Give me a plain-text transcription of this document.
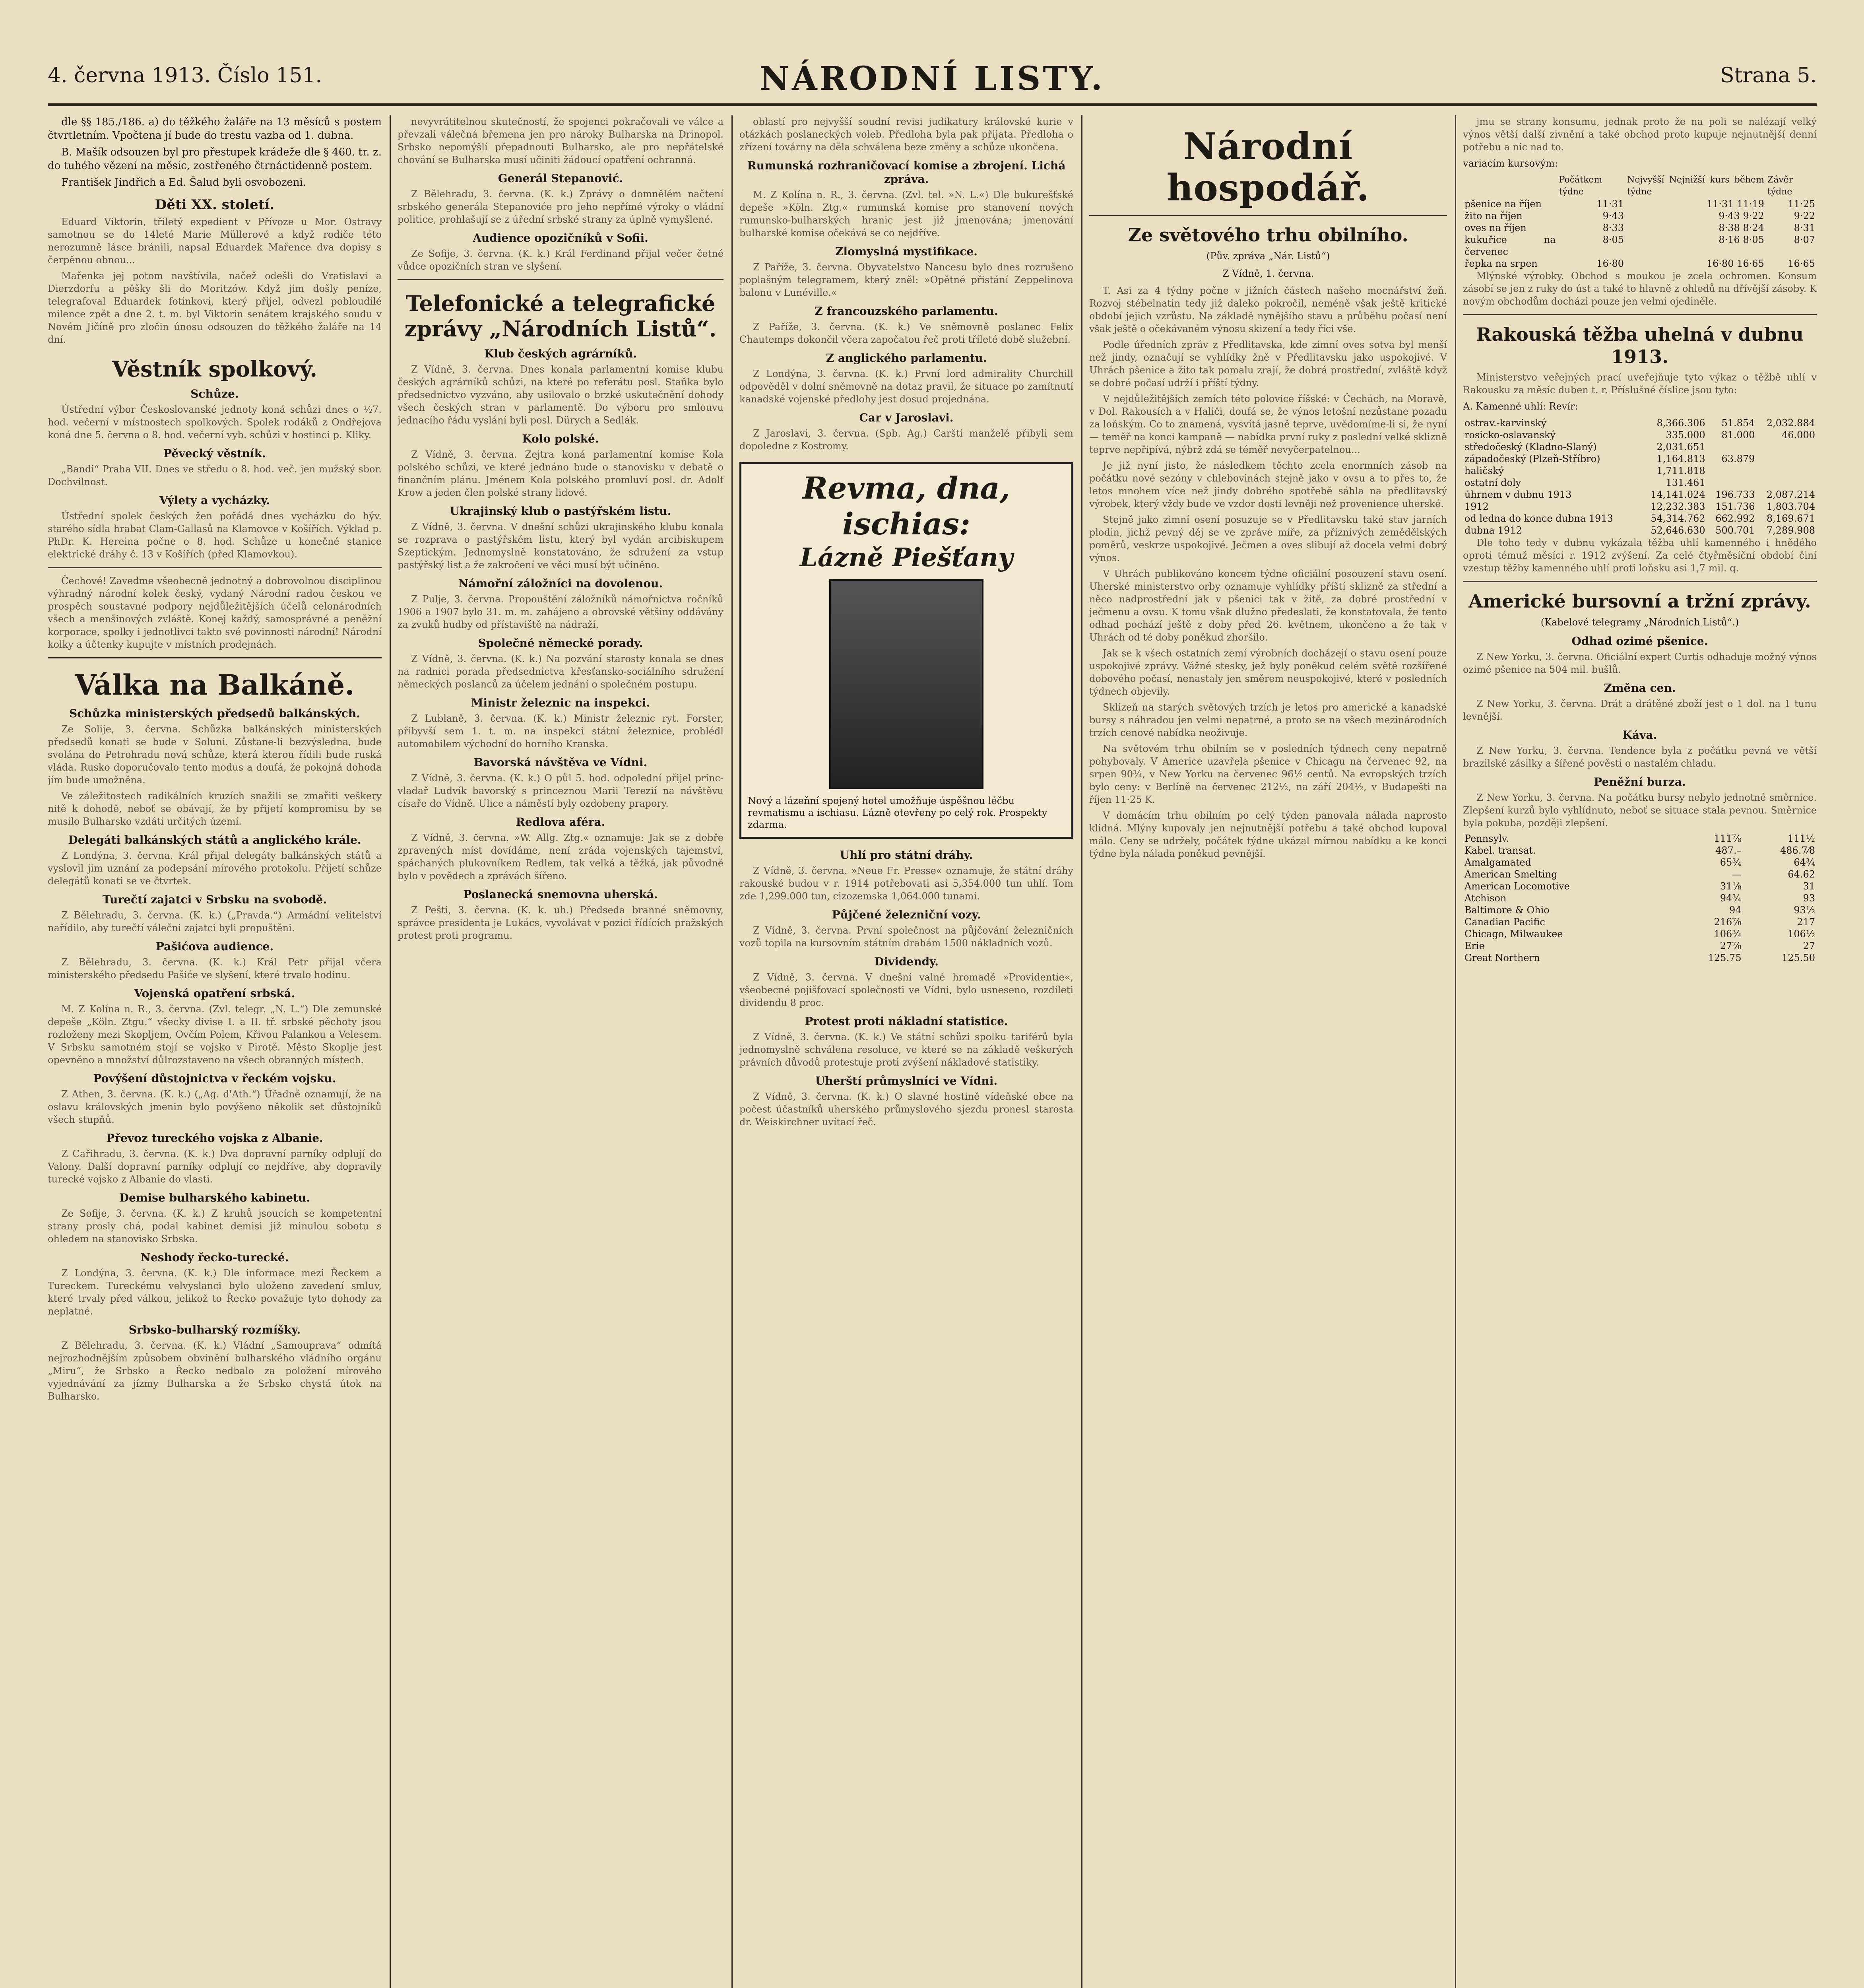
4. června 1913. Číslo 151.	NÁRODNÍ LISTY.	Strana 5.

dle §§ 185./186. a) do těžkého žaláře na 13 měsíců s postem čtvrtletním. Vpočtena jí bude do trestu vazba od 1. dubna.

B. Mašík odsouzen byl pro přestupek krádeže dle § 460. tr. z. do tuhého vězení na měsíc, zostřeného čtrnáctidenně postem.

František Jindřich a Ed. Šalud byli osvobozeni.

Děti XX. století.
Eduard Viktorin, třiletý expedient v Přívoze u Mor. Ostravy samotnou se do 14leté Marie Müllerové a když rodiče této nerozumně lásce bránili, napsal Eduardek Mařence dva dopisy s čerpěnou obnou...
Mařenka jej potom navštívila, načež odešli do Vratislavi a Dierzdorfu a pěšky šli do Moritzów. Když jim došly peníze, telegrafoval Eduardek fotinkovi, který přijel, odvezl pobloudilé milence zpět a dne 2. t. m. byl Viktorin senátem krajského soudu v Novém Jičíně pro zločin únosu odsouzen do těžkého žaláře na 14 dní.
Věstník spolkový.
Schůze.
Ústřední výbor Českoslovanské jednoty koná schůzi dnes o ½7. hod. večerní v místnostech spolkových. Spolek rodáků z Ondřejova koná dne 5. června o 8. hod. večerní vyb. schůzi v hostinci p. Kliky.
Pěvecký věstník.
„Bandi“ Praha VII. Dnes ve středu o 8. hod. več. jen mužský sbor. Dochvilnost.
Výlety a vycházky.
Ústřední spolek českých žen pořádá dnes vycházku do hýv. starého sídla hrabat Clam-Gallasů na Klamovce v Košířích. Výklad p. PhDr. K. Hereina počne o 8. hod. Schůze u konečné stanice elektrické dráhy č. 13 v Košířích (před Klamovkou).
Čechové! Zavedme všeobecně jednotný a dobrovolnou disciplinou výhradný národní kolek český, vydaný Národní radou českou ve prospěch soustavné podpory nejdůležitějších účelů celonárodních všech a menšinových zvláště. Konej každý, samosprávné a peněžní korporace, spolky i jednotlivci takto své povinnosti národní! Národní kolky a účtenky kupujte v místních prodejnách.
Válka na Balkáně.
Schůzka ministerských předsedů balkánských.
Ze Solije, 3. června. Schůzka balkánských ministerských předsedů konati se bude v Soluni. Zůstane-li bezvýsledna, bude svolána do Petrohradu nová schůze, která kterou řídili bude ruská vláda. Rusko doporučovalo tento modus a doufá, že pokojná dohoda jím bude umožněna.
Ve záležitostech radikálních kruzích snažili se zmařiti veškery nitě k dohodě, neboť se obávají, že by přijetí kompromisu by se musilo Bulharsko vzdáti určitých území.
Delegáti balkánských států a anglického krále.
Z Londýna, 3. června. Král přijal delegáty balkánských států a vyslovil jim uznání za podepsání mírového protokolu. Přijetí schůze delegátů konati se ve čtvrtek.
Turečtí zajatci v Srbsku na svobodě.
Z Bělehradu, 3. června. (K. k.) („Pravda.“) Armádní velitelství nařídilo, aby turečtí válečni zajatci byli propuštěni.
Pašićova audience.
Z Bělehradu, 3. června. (K. k.) Král Petr přijal včera ministerského předsedu Pašiće ve slyšení, které trvalo hodinu.
Vojenská opatření srbská.
M. Z Kolína n. R., 3. června. (Zvl. telegr. „N. L.“) Dle zemunské depeše „Köln. Ztgu.“ všecky divise I. a II. tř. srbské pěchoty jsou rozloženy mezi Skopljem, Ovčím Polem, Křivou Palankou a Velesem. V Srbsku samotném stojí se vojsko v Pirotě. Město Skoplje jest opevněno a množství důlrozstaveno na všech obranných místech.
Povýšení důstojnictva v řeckém vojsku.
Z Athen, 3. června. (K. k.) („Ag. d'Ath.“) Úřadně oznamují, že na oslavu královských jmenin bylo povýšeno několik set důstojníků všech stupňů.
Převoz tureckého vojska z Albanie.
Z Cařihradu, 3. června. (K. k.) Dva dopravní parníky odplují do Valony. Další dopravní parníky odplují co nejdříve, aby dopravily turecké vojsko z Albanie do vlasti.
Demise bulharského kabinetu.
Ze Sofije, 3. června. (K. k.) Z kruhů jsoucích se kompetentní strany prosly chá, podal kabinet demisi již minulou sobotu s ohledem na stanovisko Srbska.
Neshody řecko-turecké.
Z Londýna, 3. června. (K. k.) Dle informace mezi Řeckem a Tureckem. Tureckému velvyslanci bylo uloženo zavedení smluv, které trvaly před válkou, jelikož to Řecko považuje tyto dohody za neplatné.
Srbsko-bulharský rozmíšky.
Z Bělehradu, 3. června. (K. k.) Vládní „Samouprava“ odmítá nejrozhodnějším způsobem obvinění bulharského vládního orgánu „Miru“, že Srbsko a Řecko nedbalo za položení mírového vyjednávání za jízmy Bulharska a že Srbsko chystá útok na Bulharsko.
nevyvrátitelnou skutečností, že spojenci pokračovali ve válce a převzali válečná břemena jen pro nároky Bulharska na Drinopol. Srbsko nepomýšlí přepadnouti Bulharsko, ale pro nepřátelské chování se Bulharska musí učiniti žádoucí opatření ochranná.
Generál Stepanović.
Z Bělehradu, 3. června. (K. k.) Zprávy o domnělém načtení srbského generála Stepanoviće pro jeho nepřímé výroky o vládní politice, prohlašují se z úřední srbské strany za úplně vymyšlené.
Audience opozičníků v Sofii.
Ze Sofije, 3. června. (K. k.) Král Ferdinand přijal večer četné vůdce opozičních stran ve slyšení.
Telefonické a telegrafické zprávy „Národních Listů“.
Klub českých agrárníků.
Z Vídně, 3. června. Dnes konala parlamentní komise klubu českých agrárníků schůzi, na které po referátu posl. Staňka bylo předsednictvo vyzváno, aby usilovalo o brzké uskutečnění dohody všech českých stran v parlamentě. Do výboru pro smlouvu jednacího řádu vyslání byli posl. Dürych a Sedlák.
Kolo polské.
Z Vídně, 3. června. Zejtra koná parlamentní komise Kola polského schůzi, ve které jednáno bude o stanovisku v debatě o finančním plánu. Jménem Kola polského promluví posl. dr. Adolf Krow a jeden člen polské strany lidové.
Ukrajinský klub o pastýřském listu.
Z Vídně, 3. června. V dnešní schůzi ukrajinského klubu konala se rozprava o pastýřském listu, který byl vydán arcibiskupem Szeptickým. Jednomyslně konstatováno, že sdružení za vstup pastýřský list a že zakročení ve věci musí být učiněno.
Námořní záložníci na dovolenou.
Z Pulje, 3. června. Propouštění záložníků námořnictva ročníků 1906 a 1907 bylo 31. m. m. zahájeno a obrovské většiny oddávány za zvuků hudby od přístaviště na nádraží.
Společné německé porady.
Z Vídně, 3. června. (K. k.) Na pozvání starosty konala se dnes na radnici porada předsednictva křesťansko-sociálního sdružení německých poslanců za účelem jednání o společném postupu.
Ministr železnic na inspekci.
Z Lublaně, 3. června. (K. k.) Ministr železnic ryt. Forster, přibyvší sem 1. t. m. na inspekci státní železnice, prohlédl automobilem východní do horního Kranska.
Bavorská návštěva ve Vídni.
Z Vídně, 3. června. (K. k.) O půl 5. hod. odpolední přijel princ-vladař Ludvík bavorský s princeznou Marii Terezií na návštěvu císaře do Vídně. Ulice a náměstí byly ozdobeny prapory.
Redlova aféra.
Z Vídně, 3. června. »W. Allg. Ztg.« oznamuje: Jak se z dobře zpravených míst dovídáme, není zráda vojenských tajemství, spáchaných plukovníkem Redlem, tak velká a těžká, jak původně bylo v povědech a zprávách šířeno.
Poslanecká snemovna uherská.
Z Pešti, 3. června. (K. k. uh.) Předseda branné sněmovny, správce presidenta je Lukács, vyvolávat v pozici řídících pražských protest proti programu.
oblastí pro nejvyšší soudní revisi judikatury královské kurie v otázkách poslaneckých voleb. Předloha byla pak přijata. Předloha o zřízení továrny na děla schválena beze změny a schůze ukončena.
Rumunská rozhraničovací komise a zbrojení. Lichá zpráva.
M. Z Kolína n. R., 3. června. (Zvl. tel. »N. L.«) Dle bukurešťské depeše »Köln. Ztg.« rumunská komise pro stanovení nových rumunsko-bulharských hranic jest již jmenována; jmenování bulharské komise očekává se co nejdříve.
Zlomyslná mystifikace.
Z Paříže, 3. června. Obyvatelstvo Nancesu bylo dnes rozrušeno poplašným telegramem, který zněl: »Opětné přistání Zeppelinova balonu v Lunéville.«
Z francouzského parlamentu.
Z Paříže, 3. června. (K. k.) Ve sněmovně poslanec Felix Chautemps dokončil včera započatou řeč proti tříleté době služební.
Z anglického parlamentu.
Z Londýna, 3. června. (K. k.) První lord admirality Churchill odpověděl v dolní sněmovně na dotaz pravil, že situace po zamítnutí kanadské vojenské předlohy jest dosud projednána.
Car v Jaroslavi.
Z Jaroslavi, 3. června. (Spb. Ag.) Carští manželé přibyli sem dopoledne z Kostromy.
Revma, dna, ischias:
Lázně Piešťany
Nový a lázeňní spojený hotel umožňuje úspěšnou léčbu revmatismu a ischiasu. Lázně otevřeny po celý rok. Prospekty zdarma.
Uhlí pro státní dráhy.
Z Vídně, 3. června. »Neue Fr. Presse« oznamuje, že státní dráhy rakouské budou v r. 1914 potřebovati asi 5,354.000 tun uhlí. Tom zde 1,299.000 tun, cizozemska 1,064.000 tunami.
Půjčené železniční vozy.
Z Vídně, 3. června. První společnost na půjčování železničních vozů topila na kursovním státním drahám 1500 nákladních vozů.
Dividendy.
Z Vídně, 3. června. V dnešní valné hromadě »Providentie«, všeobecné pojišťovací společnosti ve Vídni, bylo usneseno, rozdíleti dividendu 8 proc.
Protest proti nákladní statistice.
Z Vídně, 3. června. (K. k.) Ve státní schůzi spolku tariférů byla jednomyslně schválena resoluce, ve které se na základě veškerých právních důvodů protestuje proti zvýšení nákladové statistiky.
Uherští průmyslníci ve Vídni.
Z Vídně, 3. června. (K. k.) O slavné hostině vídeňské obce na počest účastníků uherského průmyslového sjezdu pronesl starosta dr. Weiskirchner uvítací řeč.
Národní hospodář.
Ze světového trhu obilního.
(Pův. zpráva „Nár. Listů“)
Z Vídně, 1. června.
T. Asi za 4 týdny počne v jižních částech našeho mocnářství žeň. Rozvoj stébelnatin tedy již daleko pokročil, neméně však ještě kritické období jejich vzrůstu. Na základě nynějšího stavu a průběhu počasí není však ještě o očekávaném výnosu skizení a tedy říci vše.
Podle úředních zpráv z Předlitavska, kde zimní oves sotva byl menší než jindy, označují se vyhlídky žně v Předlitavsku jako uspokojivé. V Uhrách pšenice a žito tak pomalu zrají, že dobrá prostřední, zvláště když se dobré počasí udrží i příští týdny.
V nejdůležitějších zemích této polovice říšské: v Čechách, na Moravě, v Dol. Rakousích a v Haliči, doufá se, že výnos letošní nezůstane pozadu za loňským. Co to znamená, vysvítá jasně teprve, uvědomíme-li si, že nyní — teměř na konci kampaně — nabídka první ruky z poslední velké sklizně teprve nepřipívá, nýbrž zdá se téměř nevyčerpatelnou...
Je již nyní jisto, že následkem těchto zcela enormních zásob na počátku nové sezóny v chlebovinách stejně jako v ovsu a to přes to, že letos mnohem více než jindy dobrého spotřebě sáhla na předlitavský výrobek, který vždy bude ve vzdor dosti levněji než provenience uherské.
Stejně jako zimní osení posuzuje se v Předlitavsku také stav jarních plodin, jichž pevný děj se ve zpráve míře, za příznivých zemědělských poměrů, veskrze uspokojivé. Ječmen a oves slibují až docela velmi dobrý výnos.
V Uhrách publikováno koncem týdne oficiální posouzení stavu osení. Uherské ministerstvo orby oznamuje vyhlídky příští sklizně za střední a něco nadprostřední jak v pšenici tak v žitě, za dobré prostřední v ječmenu a ovsu. K tomu však dlužno předeslati, že konstatovala, že tento odhad pochází ještě z doby před 26. květnem, ukončeno a že tak v Uhrách od té doby poněkud zhoršilo.
Jak se k všech ostatních zemí výrobních docházejí o stavu osení pouze uspokojivé zprávy. Vážné stesky, jež byly poněkud celém světě rozšířené dobového počasí, nenastaly jen směrem neuspokojivé, které v posledních týdnech objevily.
Sklizeň na starých světových trzích je letos pro americké a kanadské bursy s náhradou jen velmi nepatrné, a proto se na všech mezinárodních trzích cenové nabídka neoživuje.
Na světovém trhu obilním se v posledních týdnech ceny nepatrně pohybovaly. V Americe uzavřela pšenice v Chicagu na červenec 92, na srpen 90¾, v New Yorku na červenec 96½ centů. Na evropských trzích bylo ceny: v Berlíně na červenec 212½, na září 204½, v Budapešti na říjen 11·25 K.
V domácím trhu obilním po celý týden panovala nálada naprosto klidná. Mlýny kupovaly jen nejnutnější potřebu a také obchod kupoval málo. Ceny se udržely, počátek týdne ukázal mírnou nabídku a ke konci týdne byla nálada poněkud pevnější.
jmu se strany konsumu, jednak proto že na poli se nalézají velký výnos větší další zivnění a také obchod proto kupuje nejnutnější denní potřebu a nic nad to.
variacím kursovým:
	Počátkem týdne	Nejvyšší Nejnižší kurs během týdne	Závěr týdne
pšenice na říjen	11·31	11·31 11·19	11·25
žito na říjen	9·43	9·43 9·22	9·22
oves na říjen	8·33	8·38 8·24	8·31
kukuřice na červenec	8·05	8·16 8·05	8·07
řepka na srpen	16·80	16·80 16·65	16·65
Mlýnské výrobky. Obchod s moukou je zcela ochromen. Konsum zásobí se jen z ruky do úst a také to hlavně z ohledů na dřívější zásoby. K novým obchodům docházi pouze jen velmi ojediněle.
Rakouská těžba uhelná v dubnu 1913.
Ministerstvo veřejných prací uveřejňuje tyto výkaz o těžbě uhlí v Rakousku za měsíc duben t. r. Příslušné číslice jsou tyto:
A. Kamenné uhlí: Revír:
ostrav.-karvinský	8,366.306	51.854	2,032.884
rosicko-oslavanský	335.000	81.000	46.000
středočeský (Kladno-Slaný)	2,031.651		
západočeský (Plzeň-Stříbro)	1,164.813	63.879	
haličský	1,711.818		
ostatní doly	131.461		
úhrnem v dubnu 1913	14,141.024	196.733	2,087.214
1912	12,232.383	151.736	1,803.704
od ledna do konce dubna 1913	54,314.762	662.992	8,169.671
dubna 1912	52,646.630	500.701	7,289.908
Dle toho tedy v dubnu vykázala těžba uhlí kamenného i hnědého oproti témuž měsíci r. 1912 zvýšení. Za celé čtyřměsíční období činí vzestup těžby kamenného uhlí proti loňsku asi 1,7 mil. q.
Americké bursovní a tržní zprávy.
(Kabelové telegramy „Národních Listů“.)
Odhad ozimé pšenice.
Z New Yorku, 3. června. Oficiální expert Curtis odhaduje možný výnos ozimé pšenice na 504 mil. bušlů.
Změna cen.
Z New Yorku, 3. června. Drát a drátěné zboží jest o 1 dol. na 1 tunu levnější.
Káva.
Z New Yorku, 3. června. Tendence byla z počátku pevná ve větší brazilské zásilky a šířené pověsti o nastalém chladu.
Peněžní burza.
Z New Yorku, 3. června. Na počátku bursy nebylo jednotné směrnice. Zlepšení kurzů bylo vyhlídnuto, neboť se situace stala pevnou. Směrnice byla pokuba, později zlepšení.
Pennsylv.	111⅞	111½
Kabel. transat.	487.–	486.7⁄8
Amalgamated	65¾	64¾
American Smelting	—	64.62
American Locomotive	31⅛	31
Atchison	94¾	93
Baltimore & Ohio	94	93½
Canadian Pacific	216⅞	217
Chicago, Milwaukee	106¾	106½
Erie	27⅞	27
Great Northern	125.75	125.50
